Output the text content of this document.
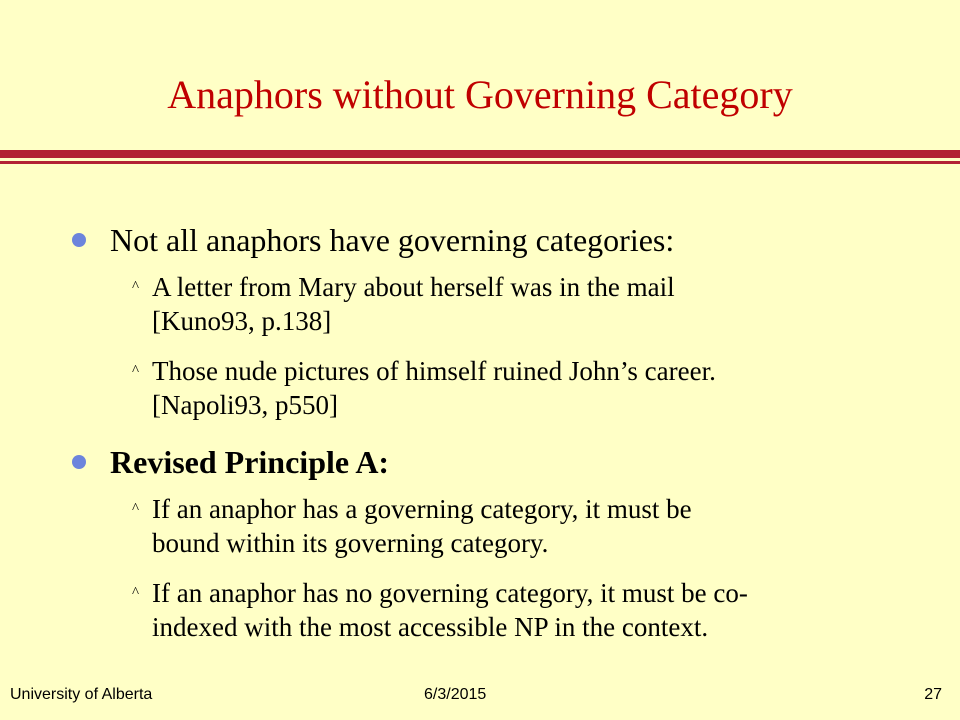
Anaphors without Governing Category
Not all anaphors have governing categories:
^ A letter from Mary about herself was in the mail
[Kuno93, p.138]
^ Those nude pictures of himself ruined John’s career.
[Napoli93, p550]
Revised Principle A:
^ If an anaphor has a governing category, it must be
bound within its governing category.
^ If an anaphor has no governing category, it must be co-
indexed with the most accessible NP in the context.
University of Alberta	6/3/2015	27
